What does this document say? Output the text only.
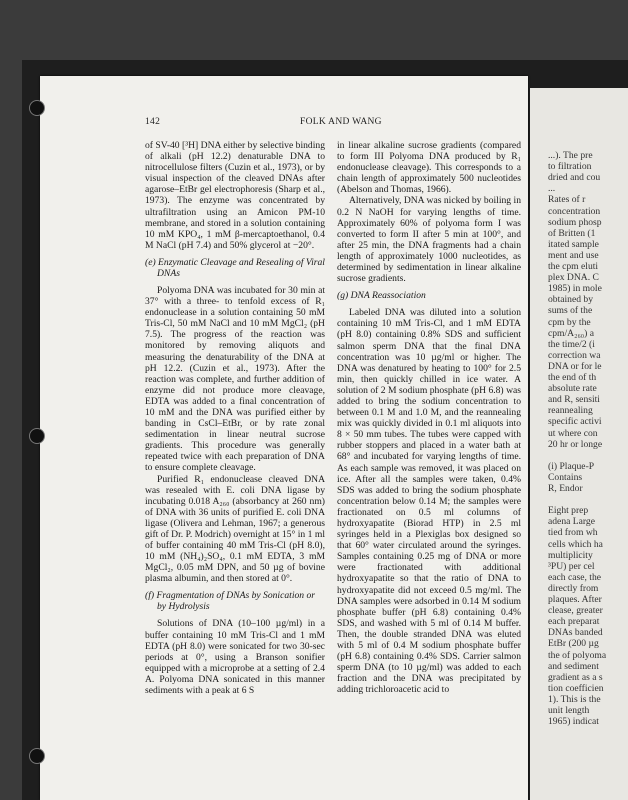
142	FOLK AND WANG

of SV-40 [³H] DNA either by selective binding of alkali (pH 12.2) denaturable DNA to nitrocellulose filters (Cuzin et al., 1973), or by visual inspection of the cleaved DNAs after agarose–EtBr gel electrophoresis (Sharp et al., 1973). The enzyme was concentrated by ultrafiltration using an Amicon PM-10 membrane, and stored in a solution containing 10 mM KPO₄, 1 mM β-mercaptoethanol, 0.4 M NaCl (pH 7.4) and 50% glycerol at −20°.

(e) Enzymatic Cleavage and Resealing of Viral DNAs

Polyoma DNA was incubated for 30 min at 37° with a three- to tenfold excess of R₁ endonuclease in a solution containing 50 mM Tris-Cl, 50 mM NaCl and 10 mM MgCl₂ (pH 7.5). The progress of the reaction was monitored by removing aliquots and measuring the denaturability of the DNA at pH 12.2. (Cuzin et al., 1973). After the reaction was complete, and further addition of enzyme did not produce more cleavage, EDTA was added to a final concentration of 10 mM and the DNA was purified either by banding in CsCl–EtBr, or by rate zonal sedimentation in linear neutral sucrose gradients. This procedure was generally repeated twice with each preparation of DNA to ensure complete cleavage.

Purified R₁ endonuclease cleaved DNA was resealed with E. coli DNA ligase by incubating 0.018 A₂₆₀ (absorbancy at 260 nm) of DNA with 36 units of purified E. coli DNA ligase (Olivera and Lehman, 1967; a generous gift of Dr. P. Modrich) overnight at 15° in 1 ml of buffer containing 40 mM Tris-Cl (pH 8.0), 10 mM (NH₄)₂SO₄, 0.1 mM EDTA, 3 mM MgCl₂, 0.05 mM DPN, and 50 µg of bovine plasma albumin, and then stored at 0°.

(f) Fragmentation of DNAs by Sonication or by Hydrolysis

Solutions of DNA (10–100 µg/ml) in a buffer containing 10 mM Tris-Cl and 1 mM EDTA (pH 8.0) were sonicated for two 30-sec periods at 0°, using a Branson sonifier equipped with a microprobe at a setting of 2.4 A. Polyoma DNA sonicated in this manner sediments with a peak at 6 S

in linear alkaline sucrose gradients (compared to form III Polyoma DNA produced by R₁ endonuclease cleavage). This corresponds to a chain length of approximately 500 nucleotides (Abelson and Thomas, 1966).

Alternatively, DNA was nicked by boiling in 0.2 N NaOH for varying lengths of time. Approximately 60% of polyoma form I was converted to form II after 5 min at 100°, and after 25 min, the DNA fragments had a chain length of approximately 1000 nucleotides, as determined by sedimentation in linear alkaline sucrose gradients.

(g) DNA Reassociation

Labeled DNA was diluted into a solution containing 10 mM Tris-Cl, and 1 mM EDTA (pH 8.0) containing 0.8% SDS and sufficient salmon sperm DNA that the final DNA concentration was 10 µg/ml or higher. The DNA was denatured by heating to 100° for 2.5 min, then quickly chilled in ice water. A solution of 2 M sodium phosphate (pH 6.8) was added to bring the sodium concentration to between 0.1 M and 1.0 M, and the reannealing mix was quickly divided in 0.1 ml aliquots into 8 × 50 mm tubes. The tubes were capped with rubber stoppers and placed in a water bath at 68° and incubated for varying lengths of time. As each sample was removed, it was placed on ice. After all the samples were taken, 0.4% SDS was added to bring the sodium phosphate concentration below 0.14 M; the samples were fractionated on 0.5 ml columns of hydroxyapatite (Biorad HTP) in 2.5 ml syringes held in a Plexiglas box designed so that 60° water circulated around the syringes. Samples containing 0.25 mg of DNA or more were fractionated with additional hydroxyapatite so that the ratio of DNA to hydroxyapatite did not exceed 0.5 mg/ml. The DNA samples were adsorbed in 0.14 M sodium phosphate buffer (pH 6.8) containing 0.4% SDS, and washed with 5 ml of 0.14 M buffer. Then, the double stranded DNA was eluted with 5 ml of 0.4 M sodium phosphate buffer (pH 6.8) containing 0.4% SDS. Carrier salmon sperm DNA (to 10 µg/ml) was added to each fraction and the DNA was precipitated by adding trichloroacetic acid to

...). The pre
to filtration
dried and cou
...
Rates of r
concentration
sodium phosp
of Britten (1
itated sample
ment and use
the cpm eluti
plex DNA. C
1985) in mole
obtained by
sums of the
cpm by the
cpm/A₂₆₀) a
the time/2 (i
correction wa
DNA or for le
the end of th
absolute rate
and R, sensiti
reannealing
specific activi
ut where con
20 hr or longe
(i) Plaque-P
Contains
R, Endor
Eight prep
adena Large
tied from wh
cells which ha
multiplicity
³PU) per cel
each case, the
directly from
plaques. After
clease, greater
each preparat
DNAs banded
EtBr (200 µg
the of polyoma
and sediment
gradient as a s
tion coefficien
1). This is the
unit length
1965) indicat
